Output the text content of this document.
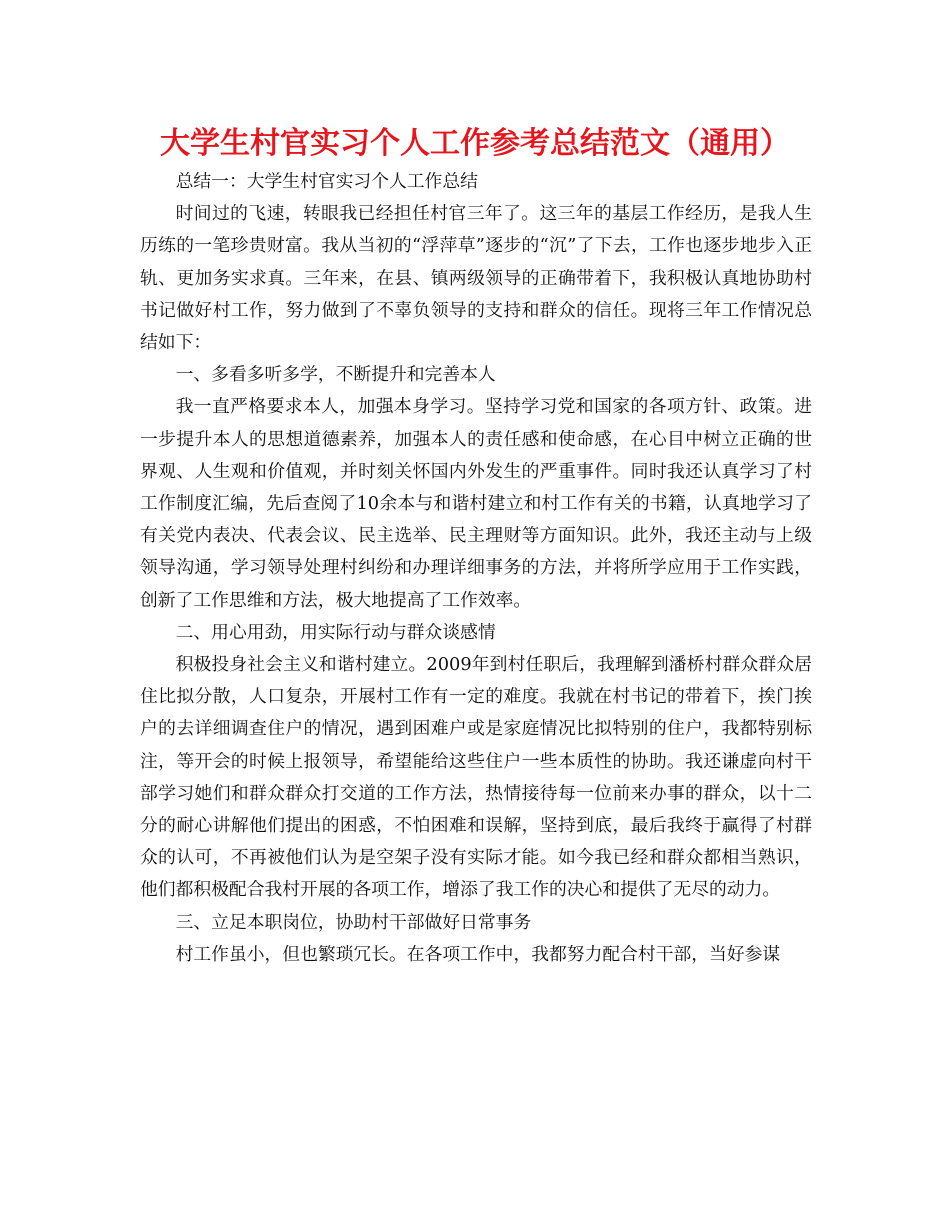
大学生村官实习个人工作参考总结范文（通用）

总结一：大学生村官实习个人工作总结

时间过的飞速，转眼我已经担任村官三年了。这三年的基层工作经历，是我人生历练的一笔珍贵财富。我从当初的“浮萍草”逐步的“沉”了下去，工作也逐步地步入正轨、更加务实求真。三年来，在县、镇两级领导的正确带着下，我积极认真地协助村书记做好村工作，努力做到了不辜负领导的支持和群众的信任。现将三年工作情况总结如下：

一、多看多听多学，不断提升和完善本人

我一直严格要求本人，加强本身学习。坚持学习党和国家的各项方针、政策。进一步提升本人的思想道德素养，加强本人的责任感和使命感，在心目中树立正确的世界观、人生观和价值观，并时刻关怀国内外发生的严重事件。同时我还认真学习了村工作制度汇编，先后查阅了10余本与和谐村建立和村工作有关的书籍，认真地学习了有关党内表决、代表会议、民主选举、民主理财等方面知识。此外，我还主动与上级领导沟通，学习领导处理村纠纷和办理详细事务的方法，并将所学应用于工作实践，创新了工作思维和方法，极大地提高了工作效率。

二、用心用劲，用实际行动与群众谈感情

积极投身社会主义和谐村建立。2009年到村任职后，我理解到潘桥村群众群众居住比拟分散，人口复杂，开展村工作有一定的难度。我就在村书记的带着下，挨门挨户的去详细调查住户的情况，遇到困难户或是家庭情况比拟特别的住户，我都特别标注，等开会的时候上报领导，希望能给这些住户一些本质性的协助。我还谦虚向村干部学习她们和群众群众打交道的工作方法，热情接待每一位前来办事的群众，以十二分的耐心讲解他们提出的困惑，不怕困难和误解，坚持到底，最后我终于赢得了村群众的认可，不再被他们认为是空架子没有实际才能。如今我已经和群众都相当熟识，他们都积极配合我村开展的各项工作，增添了我工作的决心和提供了无尽的动力。

三、立足本职岗位，协助村干部做好日常事务

村工作虽小，但也繁琐冗长。在各项工作中，我都努力配合村干部，当好参谋
